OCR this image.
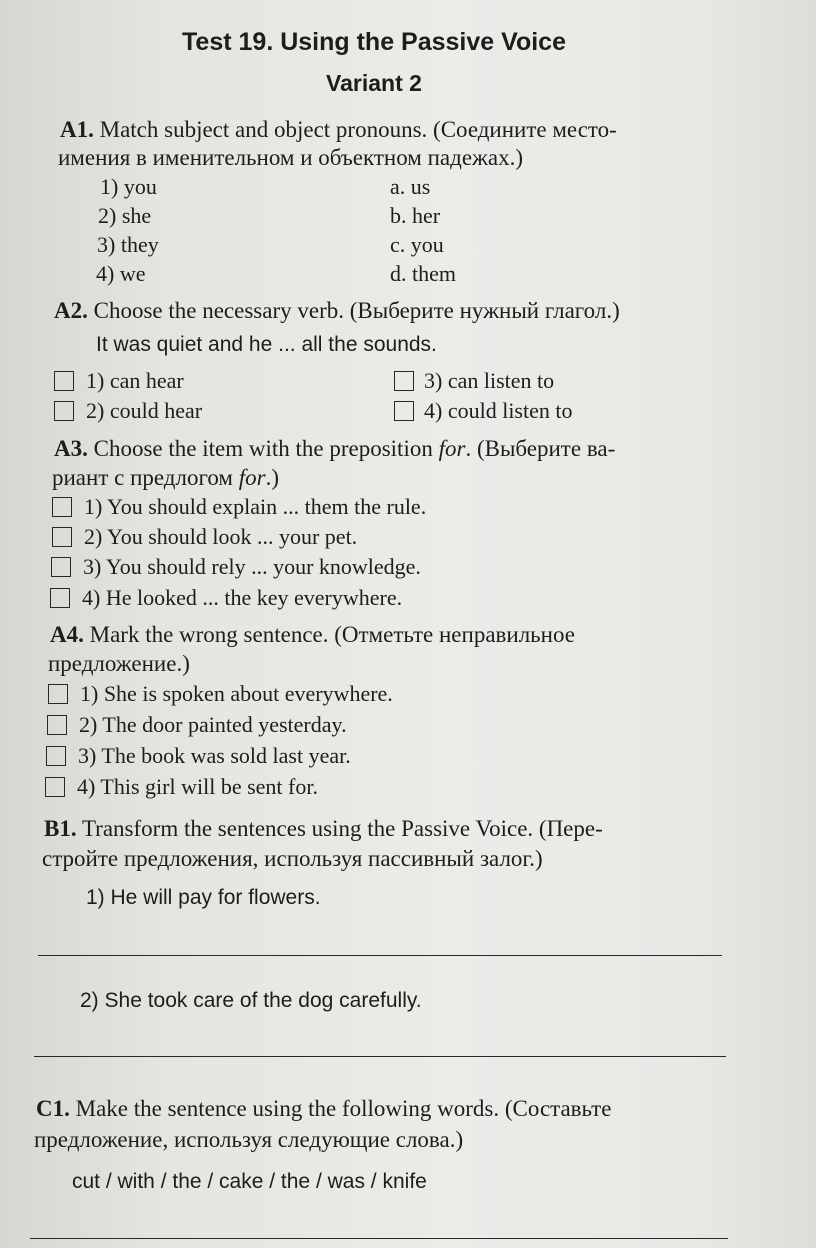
Test 19. Using the Passive Voice
Variant 2
A1. Match subject and object pronouns. (Соедините место-
имения в именительном и объектном падежах.)
1) you
2) she
3) they
4) we
a. us
b. her
c. you
d. them
A2. Choose the necessary verb. (Выберите нужный глагол.)
It was quiet and he ... all the sounds.
1) can hear
2) could hear
3) can listen to
4) could listen to
A3. Choose the item with the preposition for. (Выберите ва-
риант с предлогом for.)
1) You should explain ... them the rule.
2) You should look ... your pet.
3) You should rely ... your knowledge.
4) He looked ... the key everywhere.
A4. Mark the wrong sentence. (Отметьте неправильное
предложение.)
1) She is spoken about everywhere.
2) The door painted yesterday.
3) The book was sold last year.
4) This girl will be sent for.
B1. Transform the sentences using the Passive Voice. (Пере-
стройте предложения, используя пассивный залог.)
1) He will pay for flowers.
2) She took care of the dog carefully.
C1. Make the sentence using the following words. (Составьте
предложение, используя следующие слова.)
cut / with / the / cake / the / was / knife
